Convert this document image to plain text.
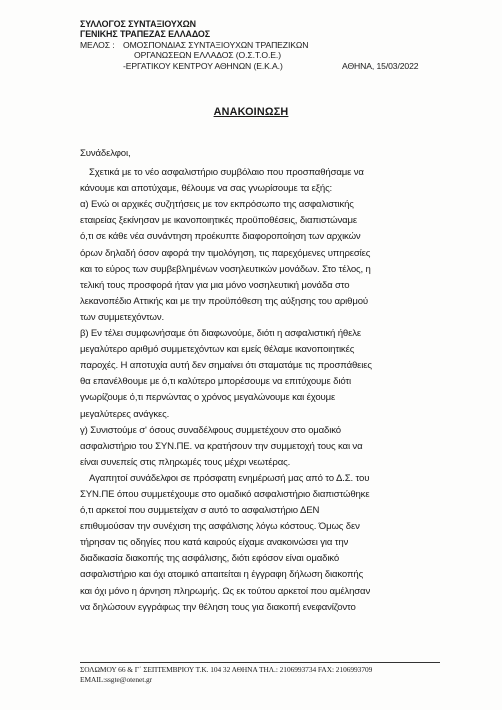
ΣΥΛΛΟΓΟΣ ΣΥΝΤΑΞΙΟΥΧΩΝ
ΓΕΝΙΚΗΣ ΤΡΑΠΕΖΑΣ ΕΛΛΑΔΟΣ
ΜΕΛΟΣ : ΟΜΟΣΠΟΝΔΙΑΣ ΣΥΝΤΑΞΙΟΥΧΩΝ ΤΡΑΠΕΖΙΚΩΝ
ΟΡΓΑΝΩΣΕΩΝ ΕΛΛΑΔΟΣ (Ο.Σ.Τ.Ο.Ε.)
-ΕΡΓΑΤΙΚΟΥ ΚΕΝΤΡΟΥ ΑΘΗΝΩΝ (Ε.Κ.Α.)	ΑΘΗΝΑ, 15/03/2022
ΑΝΑΚΟΙΝΩΣΗ
Συνάδελφοι,
Σχετικά με το νέο ασφαλιστήριο συμβόλαιο που προσπαθήσαμε να
κάνουμε και αποτύχαμε, θέλουμε να σας γνωρίσουμε τα εξής:
α) Ενώ οι αρχικές συζητήσεις με τον εκπρόσωπο της ασφαλιστικής
εταιρείας ξεκίνησαν με ικανοποιητικές προϋποθέσεις, διαπιστώναμε
ό,τι σε κάθε νέα συνάντηση προέκυπτε διαφοροποίηση των αρχικών
όρων δηλαδή όσον αφορά την τιμολόγηση, τις παρεχόμενες υπηρεσίες
και το εύρος των συμβεβλημένων νοσηλευτικών μονάδων. Στο τέλος, η
τελική τους προσφορά ήταν για μια μόνο νοσηλευτική μονάδα στο
λεκανοπέδιο Αττικής και με την προϋπόθεση της αύξησης του αριθμού
των συμμετεχόντων.
β) Εν τέλει συμφωνήσαμε ότι διαφωνούμε, διότι η ασφαλιστική ήθελε
μεγαλύτερο αριθμό συμμετεχόντων και εμείς θέλαμε ικανοποιητικές
παροχές. Η αποτυχία αυτή δεν σημαίνει ότι σταματάμε τις προσπάθειες
θα επανέλθουμε με ό,τι καλύτερο μπορέσουμε να επιτύχουμε διότι
γνωρίζουμε ό,τι περνώντας ο χρόνος μεγαλώνουμε και έχουμε
μεγαλύτερες ανάγκες.
γ) Συνιστούμε σ' όσους συναδέλφους συμμετέχουν στο ομαδικό
ασφαλιστήριο του ΣΥΝ.ΠΕ. να κρατήσουν την συμμετοχή τους και να
είναι συνεπείς στις πληρωμές τους μέχρι νεωτέρας.
Αγαπητοί συνάδελφοι σε πρόσφατη ενημέρωσή μας από το Δ.Σ. του
ΣΥΝ.ΠΕ όπου συμμετέχουμε στο ομαδικό ασφαλιστήριο διαπιστώθηκε
ό,τι αρκετοί που συμμετείχαν σ αυτό το ασφαλιστήριο ΔΕΝ
επιθυμούσαν την συνέχιση της ασφάλισης λόγω κόστους. Όμως δεν
τήρησαν τις οδηγίες που κατά καιρούς είχαμε ανακοινώσει για την
διαδικασία διακοπής της ασφάλισης, διότι εφόσον είναι ομαδικό
ασφαλιστήριο και όχι ατομικό απαιτείται η έγγραφη δήλωση διακοπής
και όχι μόνο η άρνηση πληρωμής. Ως εκ τούτου αρκετοί που αμέλησαν
να δηλώσουν εγγράφως την θέληση τους για διακοπή ενεφανίζοντο
ΣΟΛΩΜΟΥ 66 & Γ΄ ΣΕΠΤΕΜΒΡΙΟΥ Τ.Κ. 104 32 ΑΘΗΝΑ ΤΗΛ.: 2106993734 FAX: 2106993709
EMAIL:ssgte@otenet.gr
